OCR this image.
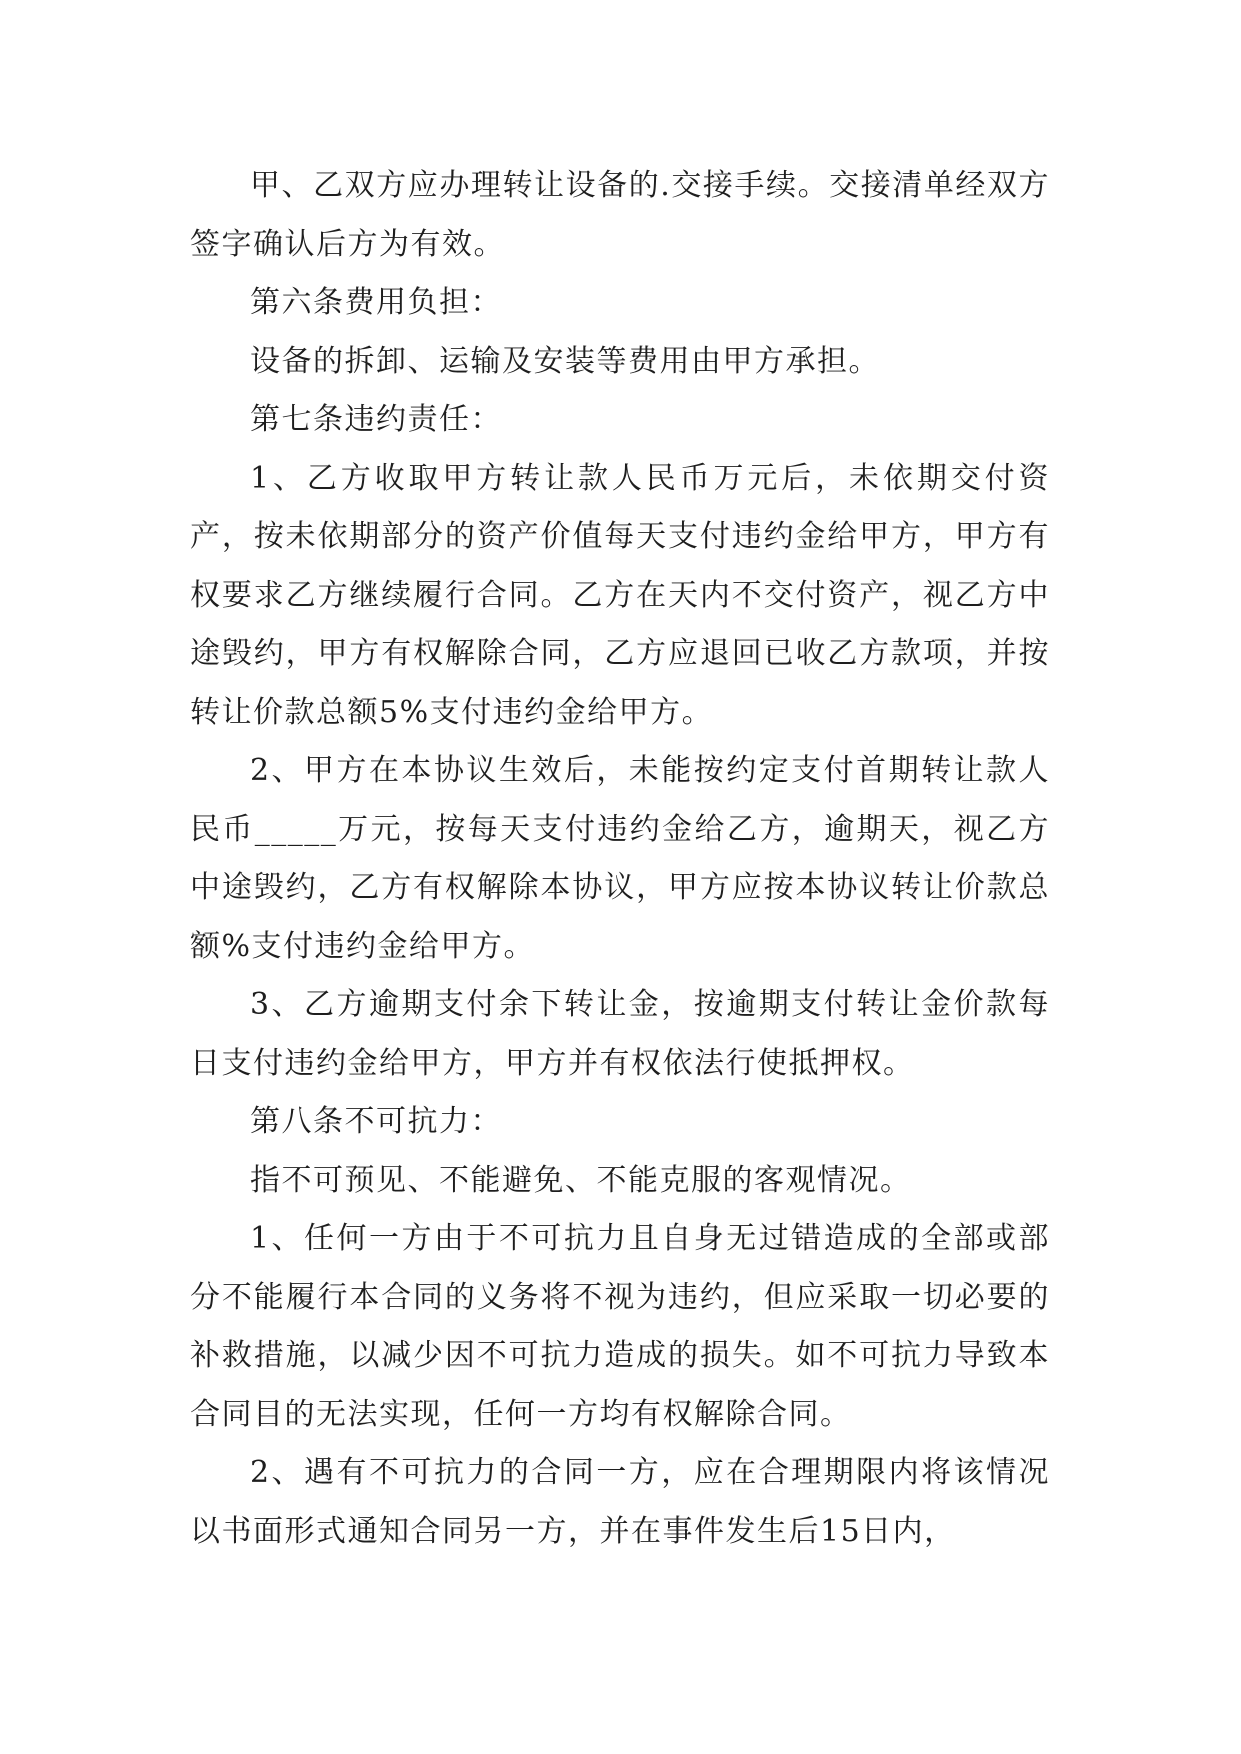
甲、乙双方应办理转让设备的.交接手续。交接清单经双方签字确认后方为有效。

第六条费用负担：

设备的拆卸、运输及安装等费用由甲方承担。

第七条违约责任：

1、乙方收取甲方转让款人民币万元后，未依期交付资产，按未依期部分的资产价值每天支付违约金给甲方，甲方有权要求乙方继续履行合同。乙方在天内不交付资产，视乙方中途毁约，甲方有权解除合同，乙方应退回已收乙方款项，并按转让价款总额5%支付违约金给甲方。

2、甲方在本协议生效后，未能按约定支付首期转让款人民币_____万元，按每天支付违约金给乙方，逾期天，视乙方中途毁约，乙方有权解除本协议，甲方应按本协议转让价款总额%支付违约金给甲方。

3、乙方逾期支付余下转让金，按逾期支付转让金价款每日支付违约金给甲方，甲方并有权依法行使抵押权。

第八条不可抗力：

指不可预见、不能避免、不能克服的客观情况。

1、任何一方由于不可抗力且自身无过错造成的全部或部分不能履行本合同的义务将不视为违约，但应采取一切必要的补救措施，以减少因不可抗力造成的损失。如不可抗力导致本合同目的无法实现，任何一方均有权解除合同。

2、遇有不可抗力的合同一方，应在合理期限内将该情况以书面形式通知合同另一方，并在事件发生后15日内，
